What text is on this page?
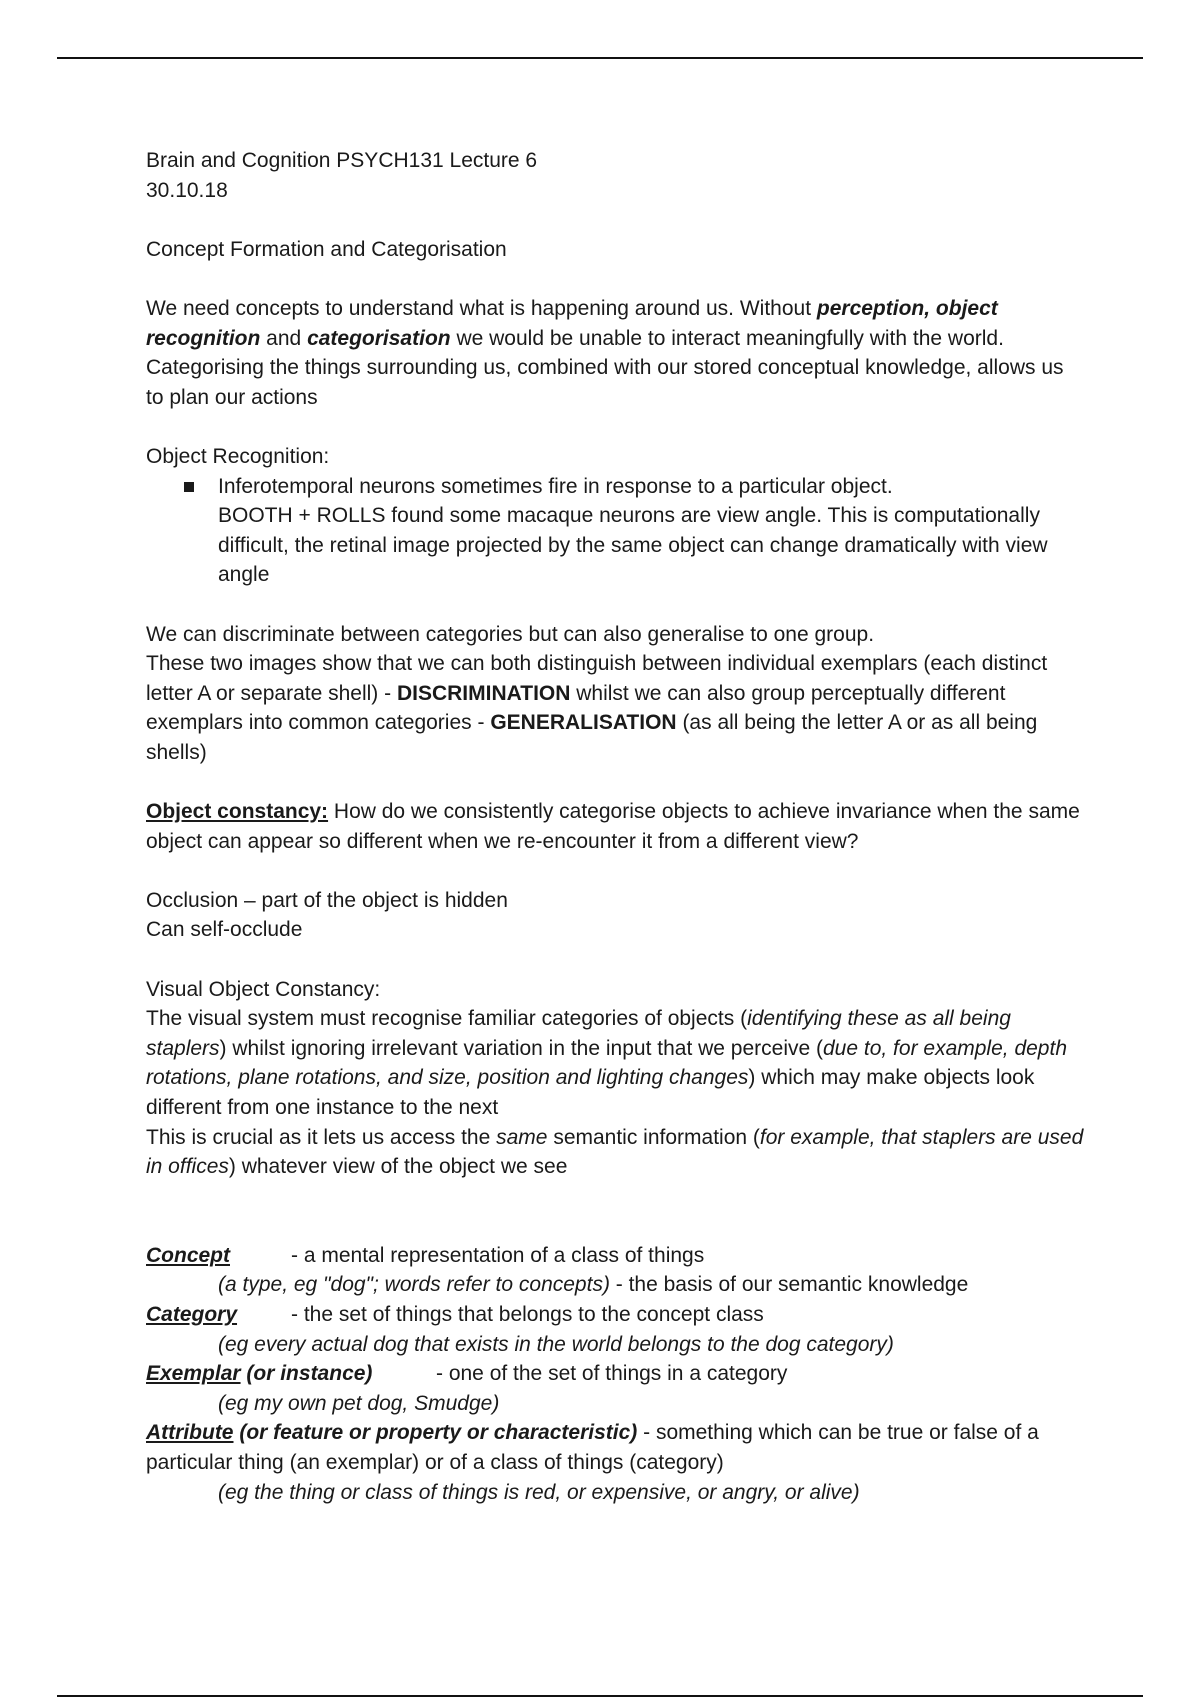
Brain and Cognition PSYCH131 Lecture 6

30.10.18

Concept Formation and Categorisation

We need concepts to understand what is happening around us. Without perception, object recognition and categorisation we would be unable to interact meaningfully with the world.

Categorising the things surrounding us, combined with our stored conceptual knowledge, allows us to plan our actions

Object Recognition:

Inferotemporal neurons sometimes fire in response to a particular object.
BOOTH + ROLLS found some macaque neurons are view angle. This is computationally difficult, the retinal image projected by the same object can change dramatically with view angle

We can discriminate between categories but can also generalise to one group.

These two images show that we can both distinguish between individual exemplars (each distinct letter A or separate shell) - DISCRIMINATION whilst we can also group perceptually different exemplars into common categories - GENERALISATION (as all being the letter A or as all being shells)

Object constancy: How do we consistently categorise objects to achieve invariance when the same object can appear so different when we re-encounter it from a different view?

Occlusion – part of the object is hidden

Can self-occlude

Visual Object Constancy:

The visual system must recognise familiar categories of objects (identifying these as all being staplers) whilst ignoring irrelevant variation in the input that we perceive (due to, for example, depth rotations, plane rotations, and size, position and lighting changes) which may make objects look different from one instance to the next

This is crucial as it lets us access the same semantic information (for example, that staplers are used in offices) whatever view of the object we see

Concept	- a mental representation of a class of things

(a type, eg "dog"; words refer to concepts) - the basis of our semantic knowledge

Category	- the set of things that belongs to the concept class

(eg every actual dog that exists in the world belongs to the dog category)

Exemplar (or instance)	- one of the set of things in a category

(eg my own pet dog, Smudge)

Attribute (or feature or property or characteristic) - something which can be true or false of a particular thing (an exemplar) or of a class of things (category)

(eg the thing or class of things is red, or expensive, or angry, or alive)
